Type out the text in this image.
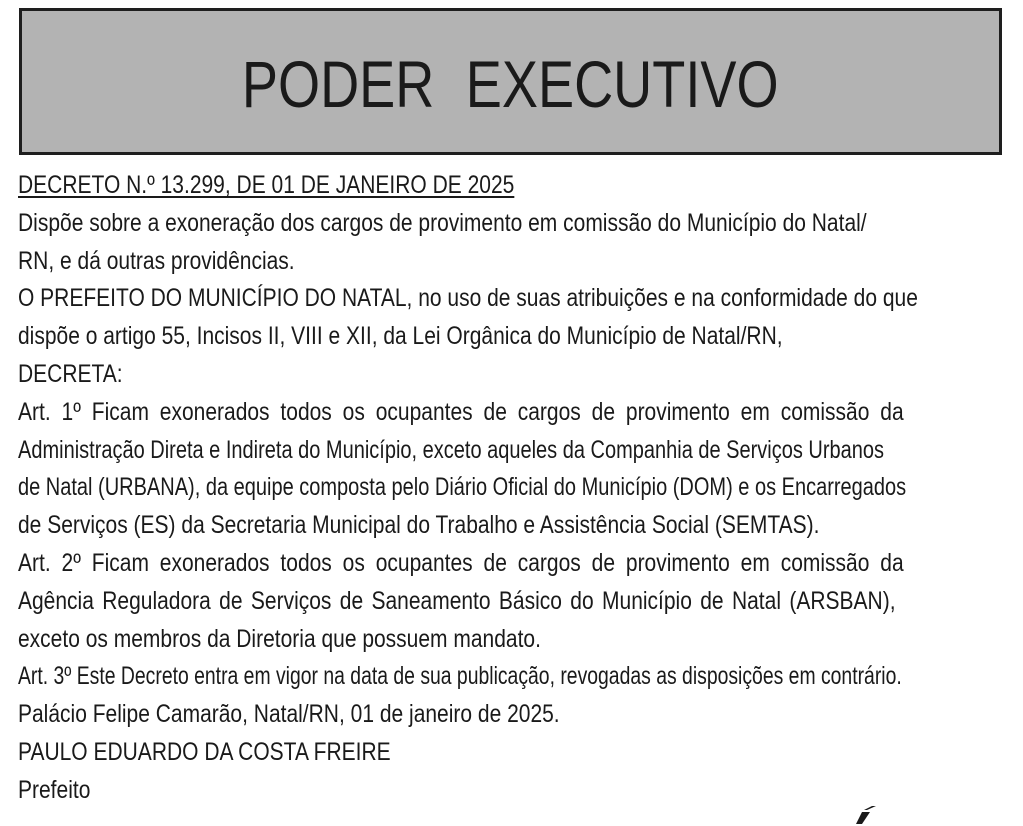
PODER EXECUTIVO
DECRETO N.º 13.299, DE 01 DE JANEIRO DE 2025
Dispõe sobre a exoneração dos cargos de provimento em comissão do Município do Natal/
RN, e dá outras providências.
O PREFEITO DO MUNICÍPIO DO NATAL, no uso de suas atribuições e na conformidade do que
dispõe o artigo 55, Incisos II, VIII e XII, da Lei Orgânica do Município de Natal/RN,
DECRETA:
Art. 1º Ficam exonerados todos os ocupantes de cargos de provimento em comissão da
Administração Direta e Indireta do Município, exceto aqueles da Companhia de Serviços Urbanos
de Natal (URBANA), da equipe composta pelo Diário Oficial do Município (DOM) e os Encarregados
de Serviços (ES) da Secretaria Municipal do Trabalho e Assistência Social (SEMTAS).
Art. 2º Ficam exonerados todos os ocupantes de cargos de provimento em comissão da
Agência Reguladora de Serviços de Saneamento Básico do Município de Natal (ARSBAN),
exceto os membros da Diretoria que possuem mandato.
Art. 3º Este Decreto entra em vigor na data de sua publicação, revogadas as disposições em contrário.
Palácio Felipe Camarão, Natal/RN, 01 de janeiro de 2025.
PAULO EDUARDO DA COSTA FREIRE
Prefeito
